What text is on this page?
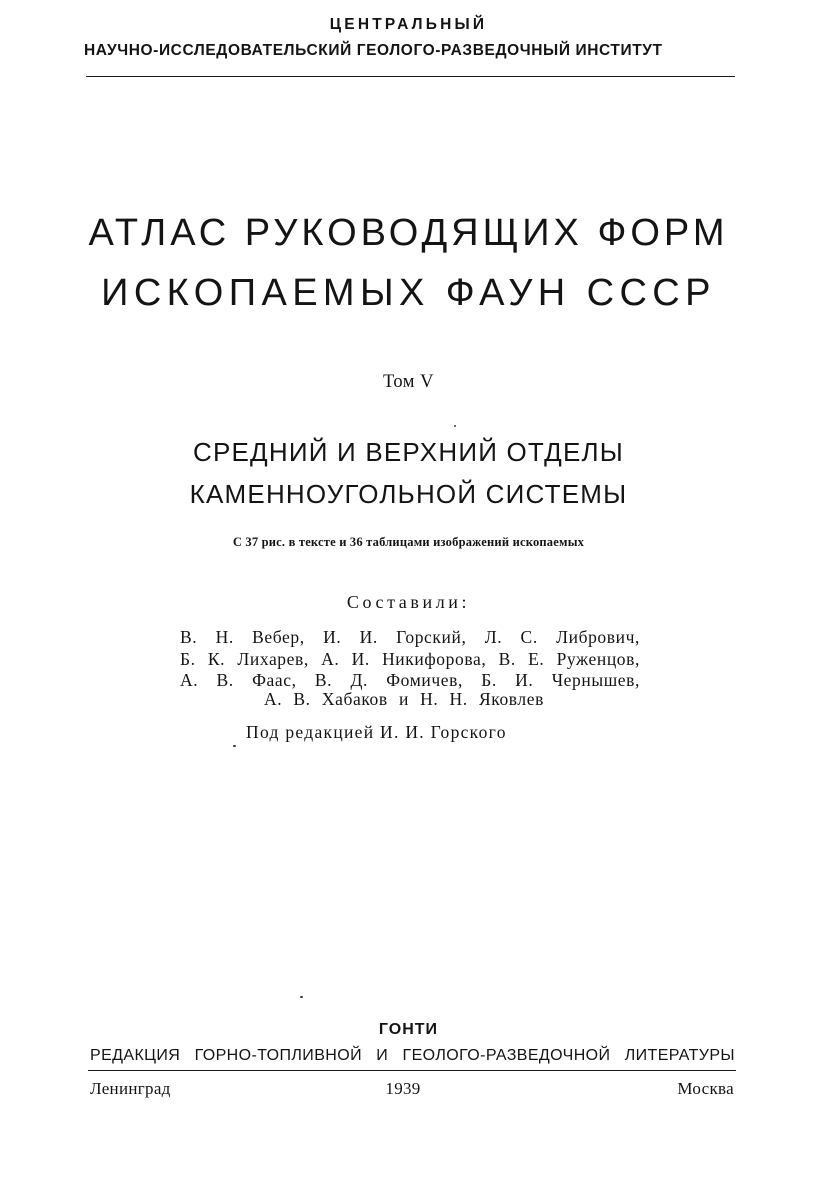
ЦЕНТРАЛЬНЫЙ
НАУЧНО-ИССЛЕДОВАТЕЛЬСКИЙ ГЕОЛОГО-РАЗВЕДОЧНЫЙ ИНСТИТУТ
АТЛАС РУКОВОДЯЩИХ ФОРМ
ИСКОПАЕМЫХ ФАУН СССР
Том V
СРЕДНИЙ И ВЕРХНИЙ ОТДЕЛЫ
КАМЕННОУГОЛЬНОЙ СИСТЕМЫ
С 37 рис. в тексте и 36 таблицами изображений ископаемых
Составили:
В. Н. Вебер, И. И. Горский, Л. С. Либрович,
Б. К. Лихарев, А. И. Никифорова, В. Е. Руженцов,
А. В. Фаас, В. Д. Фомичев, Б. И. Чернышев,
А. В. Хабаков и Н. Н. Яковлев
Под редакцией И. И. Горского
ГОНТИ
РЕДАКЦИЯ ГОРНО-ТОПЛИВНОЙ И ГЕОЛОГО-РАЗВЕДОЧНОЙ ЛИТЕРАТУРЫ
Ленинград	1939	Москва
